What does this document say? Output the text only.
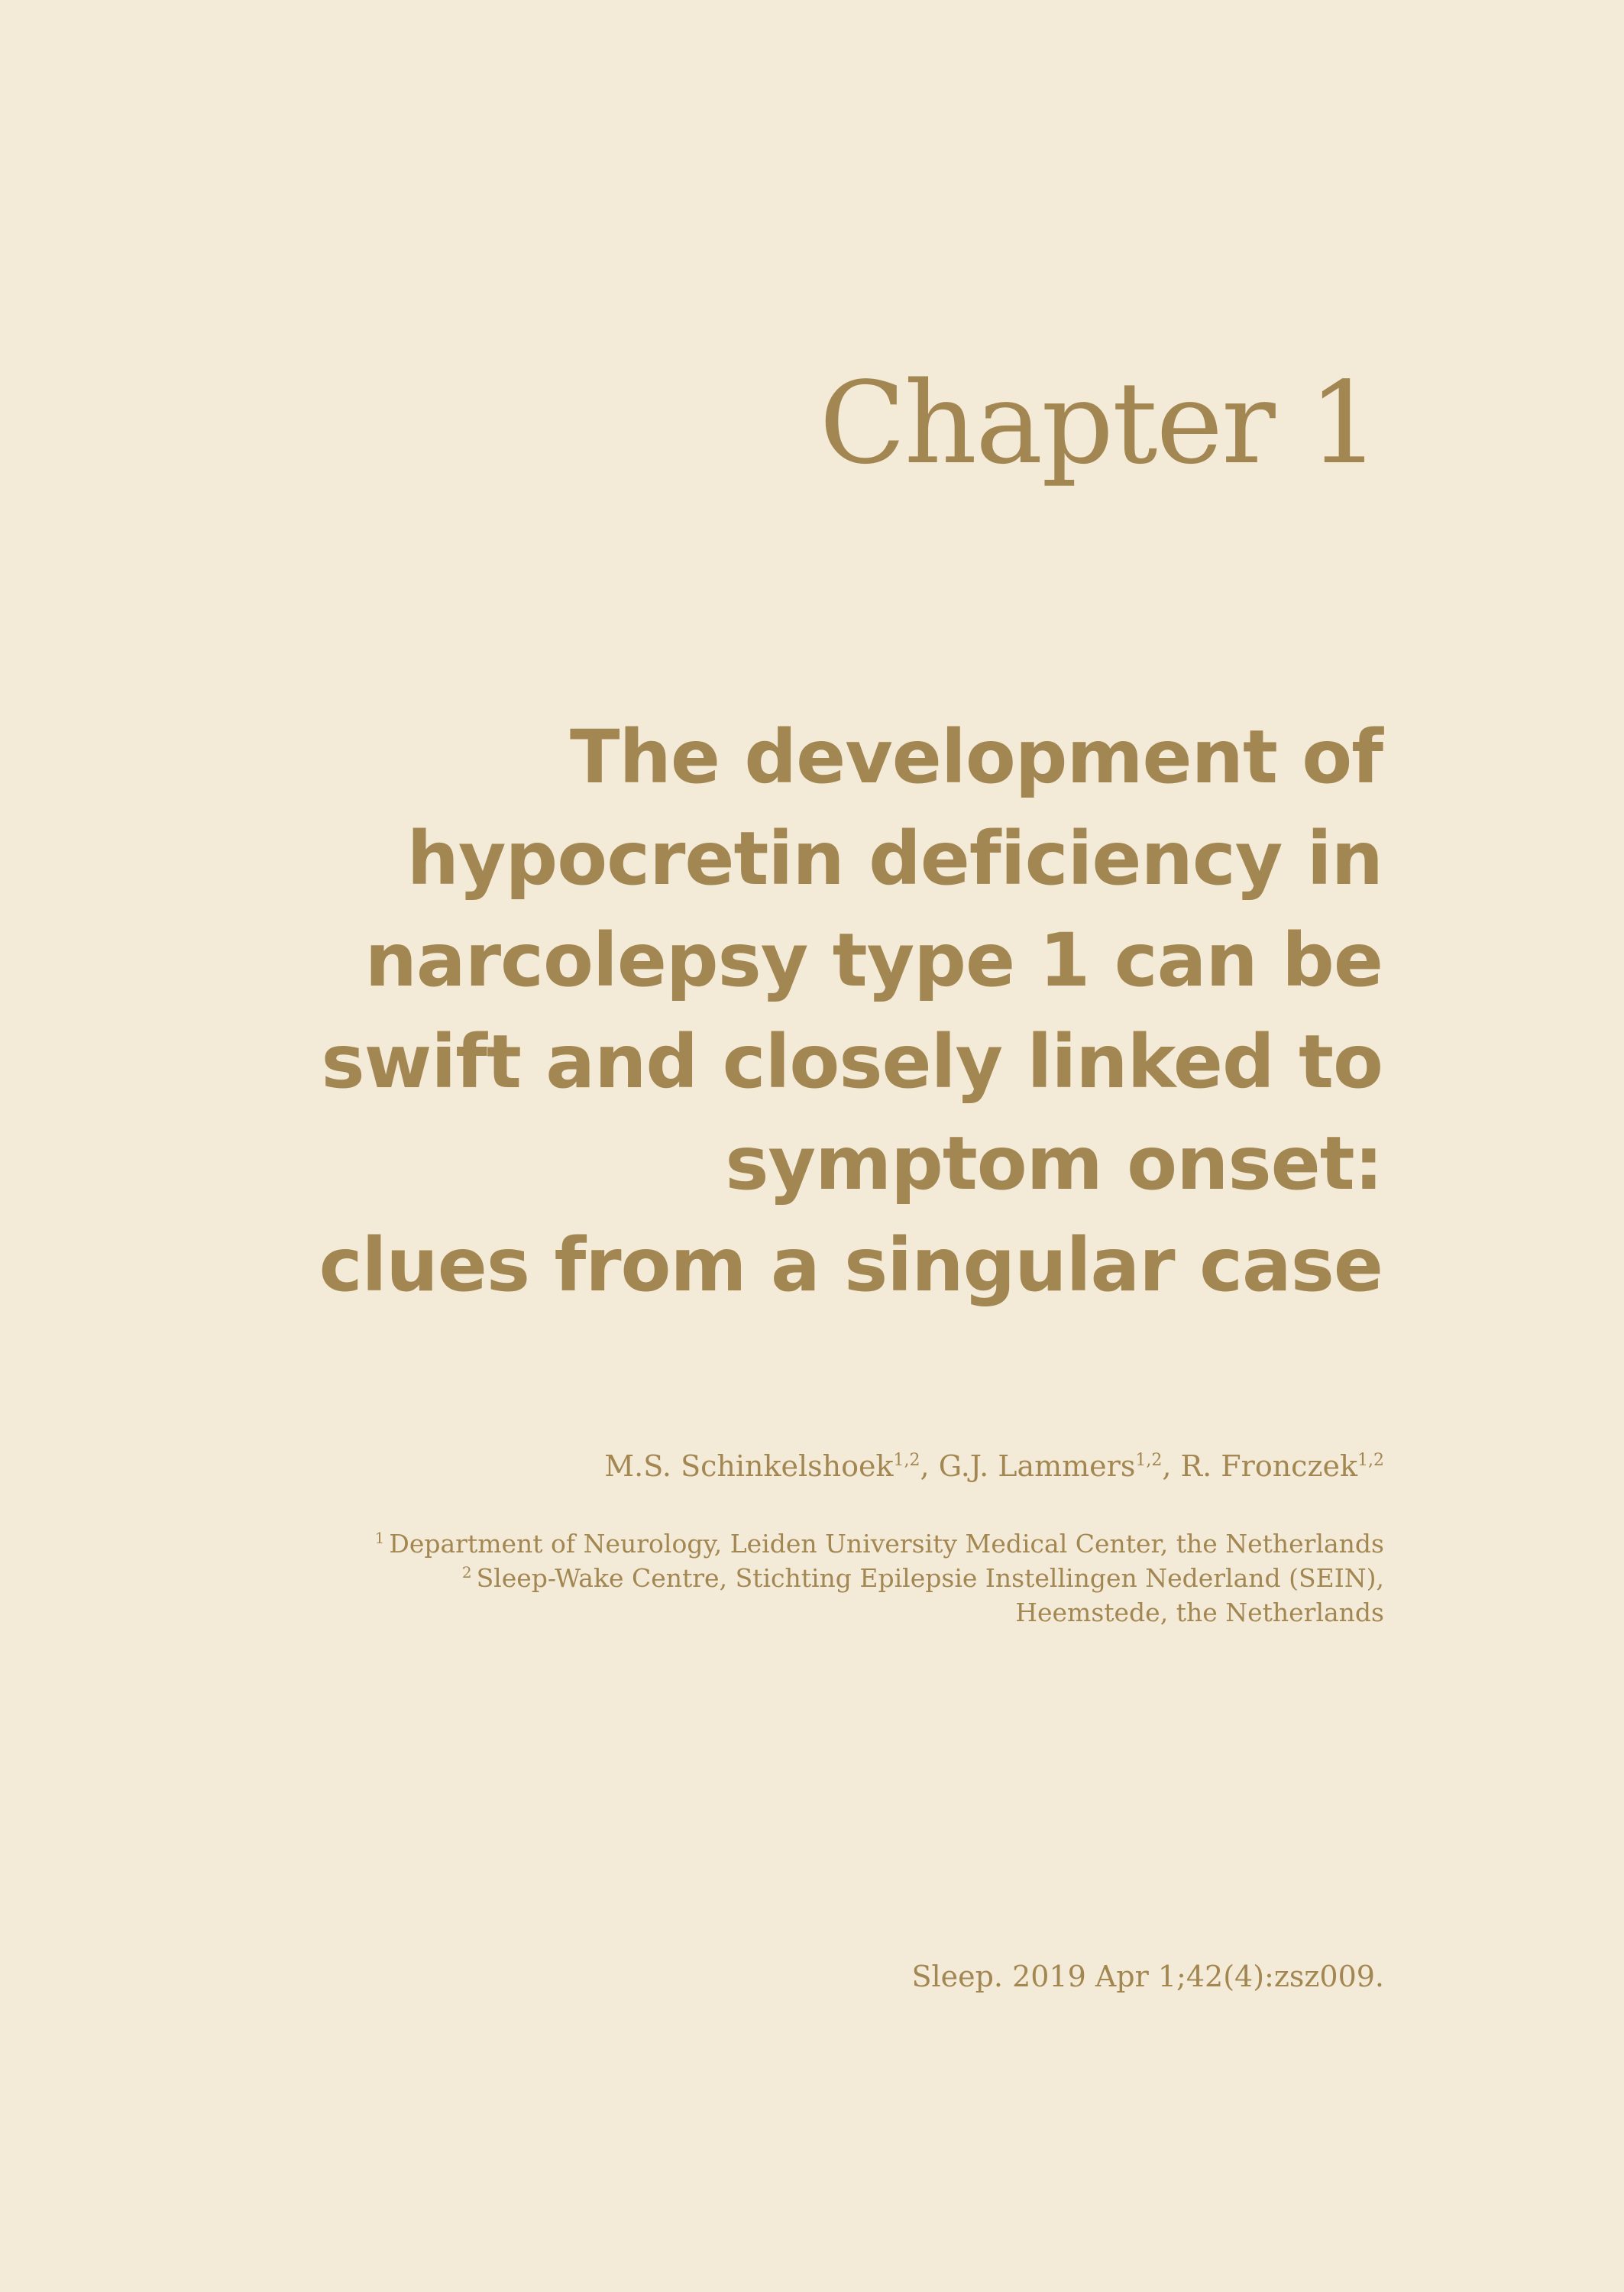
Chapter 1
The development of
hypocretin deficiency in
narcolepsy type 1 can be
swift and closely linked to
symptom onset:
clues from a singular case
M.S. Schinkelshoek$^{1,2}$, G.J. Lammers$^{1,2}$, R. Fronczek$^{1,2}$
$^1$ Department of Neurology, Leiden University Medical Center, the Netherlands
$^2$ Sleep-Wake Centre, Stichting Epilepsie Instellingen Nederland (SEIN),
Heemstede, the Netherlands
Sleep. 2019 Apr 1;42(4):zsz009.
